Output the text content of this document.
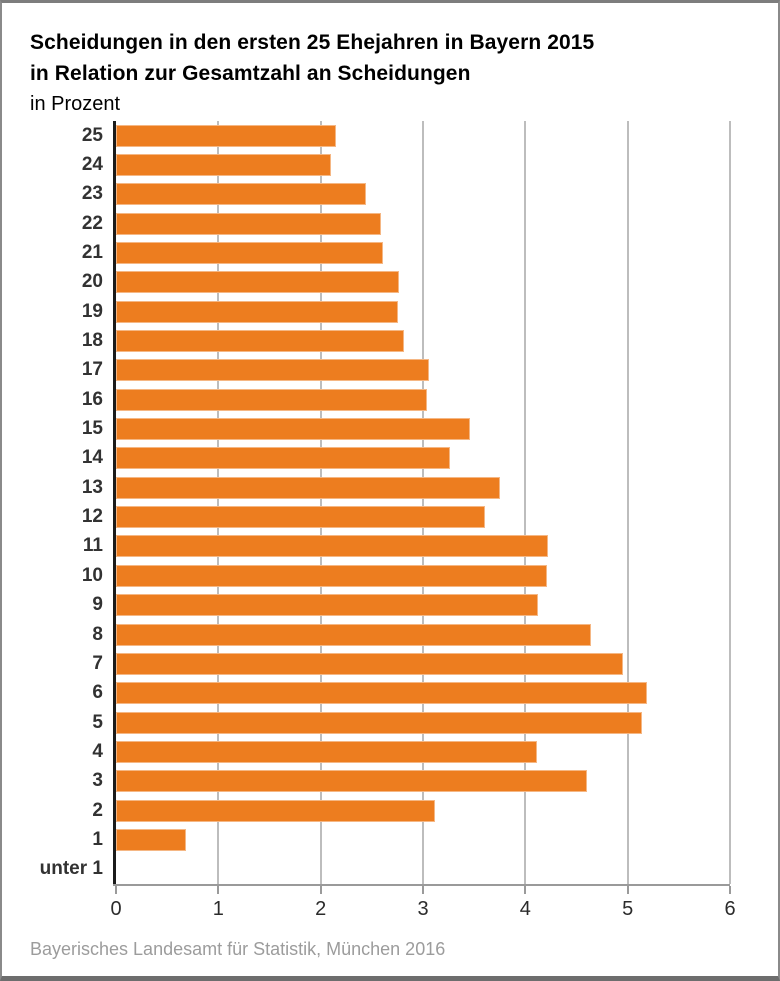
Scheidungen in den ersten 25 Ehejahren in Bayern 2015
in Relation zur Gesamtzahl an Scheidungen
in Prozent
0	1	2	3	4	5	6
25
24
23
22
21
20
19
18
17
16
15
14
13
12
11
10
9
8
7
6
5
4
3
2
1
unter 1
Bayerisches Landesamt für Statistik, München 2016
